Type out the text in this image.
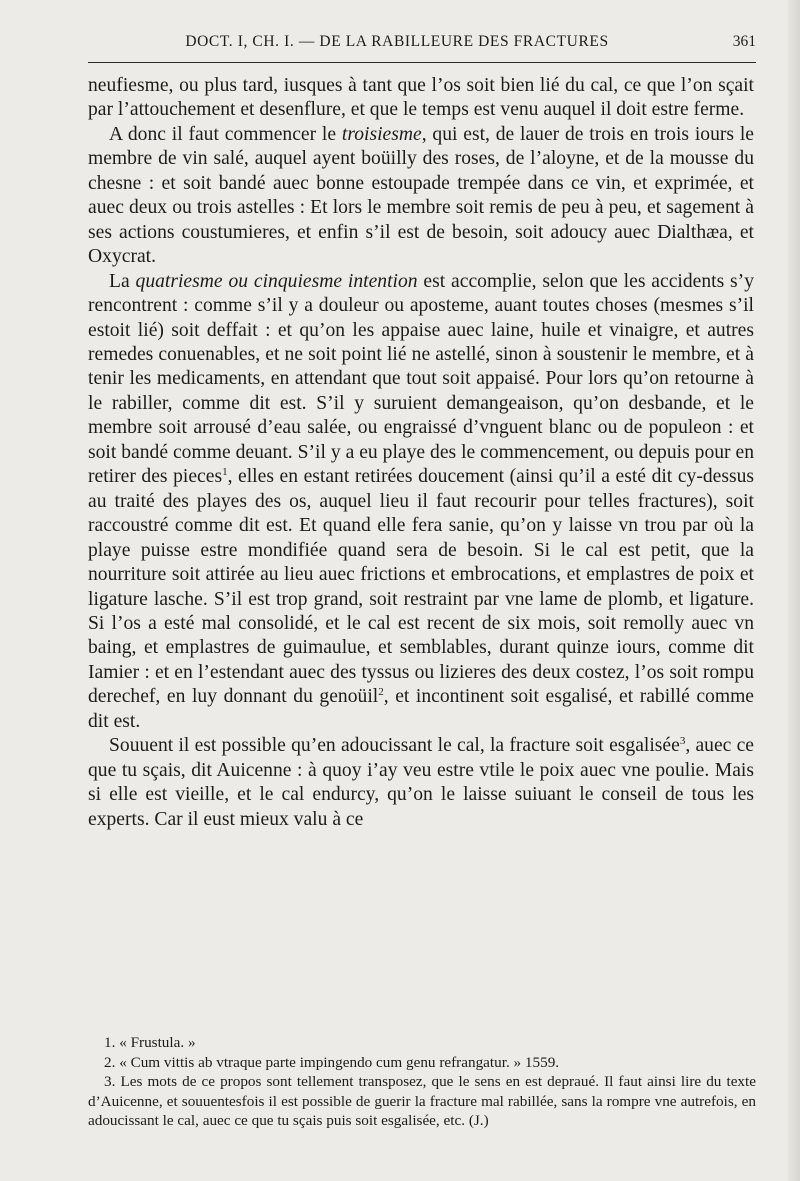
DOCT. I, CH. I. — DE LA RABILLEURE DES FRACTURES	361

neufiesme, ou plus tard, iusques à tant que l’os soit bien lié du cal, ce que l’on sçait par l’attouchement et desenflure, et que le temps est venu auquel il doit estre ferme.

A donc il faut commencer le troisiesme, qui est, de lauer de trois en trois iours le membre de vin salé, auquel ayent boüilly des roses, de l’aloyne, et de la mousse du chesne : et soit bandé auec bonne estoupade trempée dans ce vin, et exprimée, et auec deux ou trois astelles : Et lors le membre soit remis de peu à peu, et sagement à ses actions coustumieres, et enfin s’il est de besoin, soit adoucy auec Dialthæa, et Oxycrat.

La quatriesme ou cinquiesme intention est accomplie, selon que les accidents s’y rencontrent : comme s’il y a douleur ou aposteme, auant toutes choses (mesmes s’il estoit lié) soit deffait : et qu’on les appaise auec laine, huile et vinaigre, et autres remedes conuenables, et ne soit point lié ne astellé, sinon à soustenir le membre, et à tenir les medicaments, en attendant que tout soit appaisé. Pour lors qu’on retourne à le rabiller, comme dit est. S’il y suruient demangeaison, qu’on desbande, et le membre soit arrousé d’eau salée, ou engraissé d’vnguent blanc ou de populeon : et soit bandé comme deuant. S’il y a eu playe des le commencement, ou depuis pour en retirer des pieces$^1$, elles en estant retirées doucement (ainsi qu’il a esté dit cy-dessus au traité des playes des os, auquel lieu il faut recourir pour telles fractures), soit raccoustré comme dit est. Et quand elle fera sanie, qu’on y laisse vn trou par où la playe puisse estre mondifiée quand sera de besoin. Si le cal est petit, que la nourriture soit attirée au lieu auec frictions et embrocations, et emplastres de poix et ligature lasche. S’il est trop grand, soit restraint par vne lame de plomb, et ligature. Si l’os a esté mal consolidé, et le cal est recent de six mois, soit remolly auec vn baing, et emplastres de guimaulue, et semblables, durant quinze iours, comme dit Iamier : et en l’estendant auec des tyssus ou lizieres des deux costez, l’os soit rompu derechef, en luy donnant du genoüil$^2$, et incontinent soit esgalisé, et rabillé comme dit est.

Souuent il est possible qu’en adoucissant le cal, la fracture soit esgalisée$^3$, auec ce que tu sçais, dit Auicenne : à quoy i’ay veu estre vtile le poix auec vne poulie. Mais si elle est vieille, et le cal endurcy, qu’on le laisse suiuant le conseil de tous les experts. Car il eust mieux valu à ce

1. « Frustula. »

2. « Cum vittis ab vtraque parte impingendo cum genu refrangatur. » 1559.

3. Les mots de ce propos sont tellement transposez, que le sens en est depraué. Il faut ainsi lire du texte d’Auicenne, et souuentesfois il est possible de guerir la fracture mal rabillée, sans la rompre vne autrefois, en adoucissant le cal, auec ce que tu sçais puis soit esgalisée, etc. (J.)
